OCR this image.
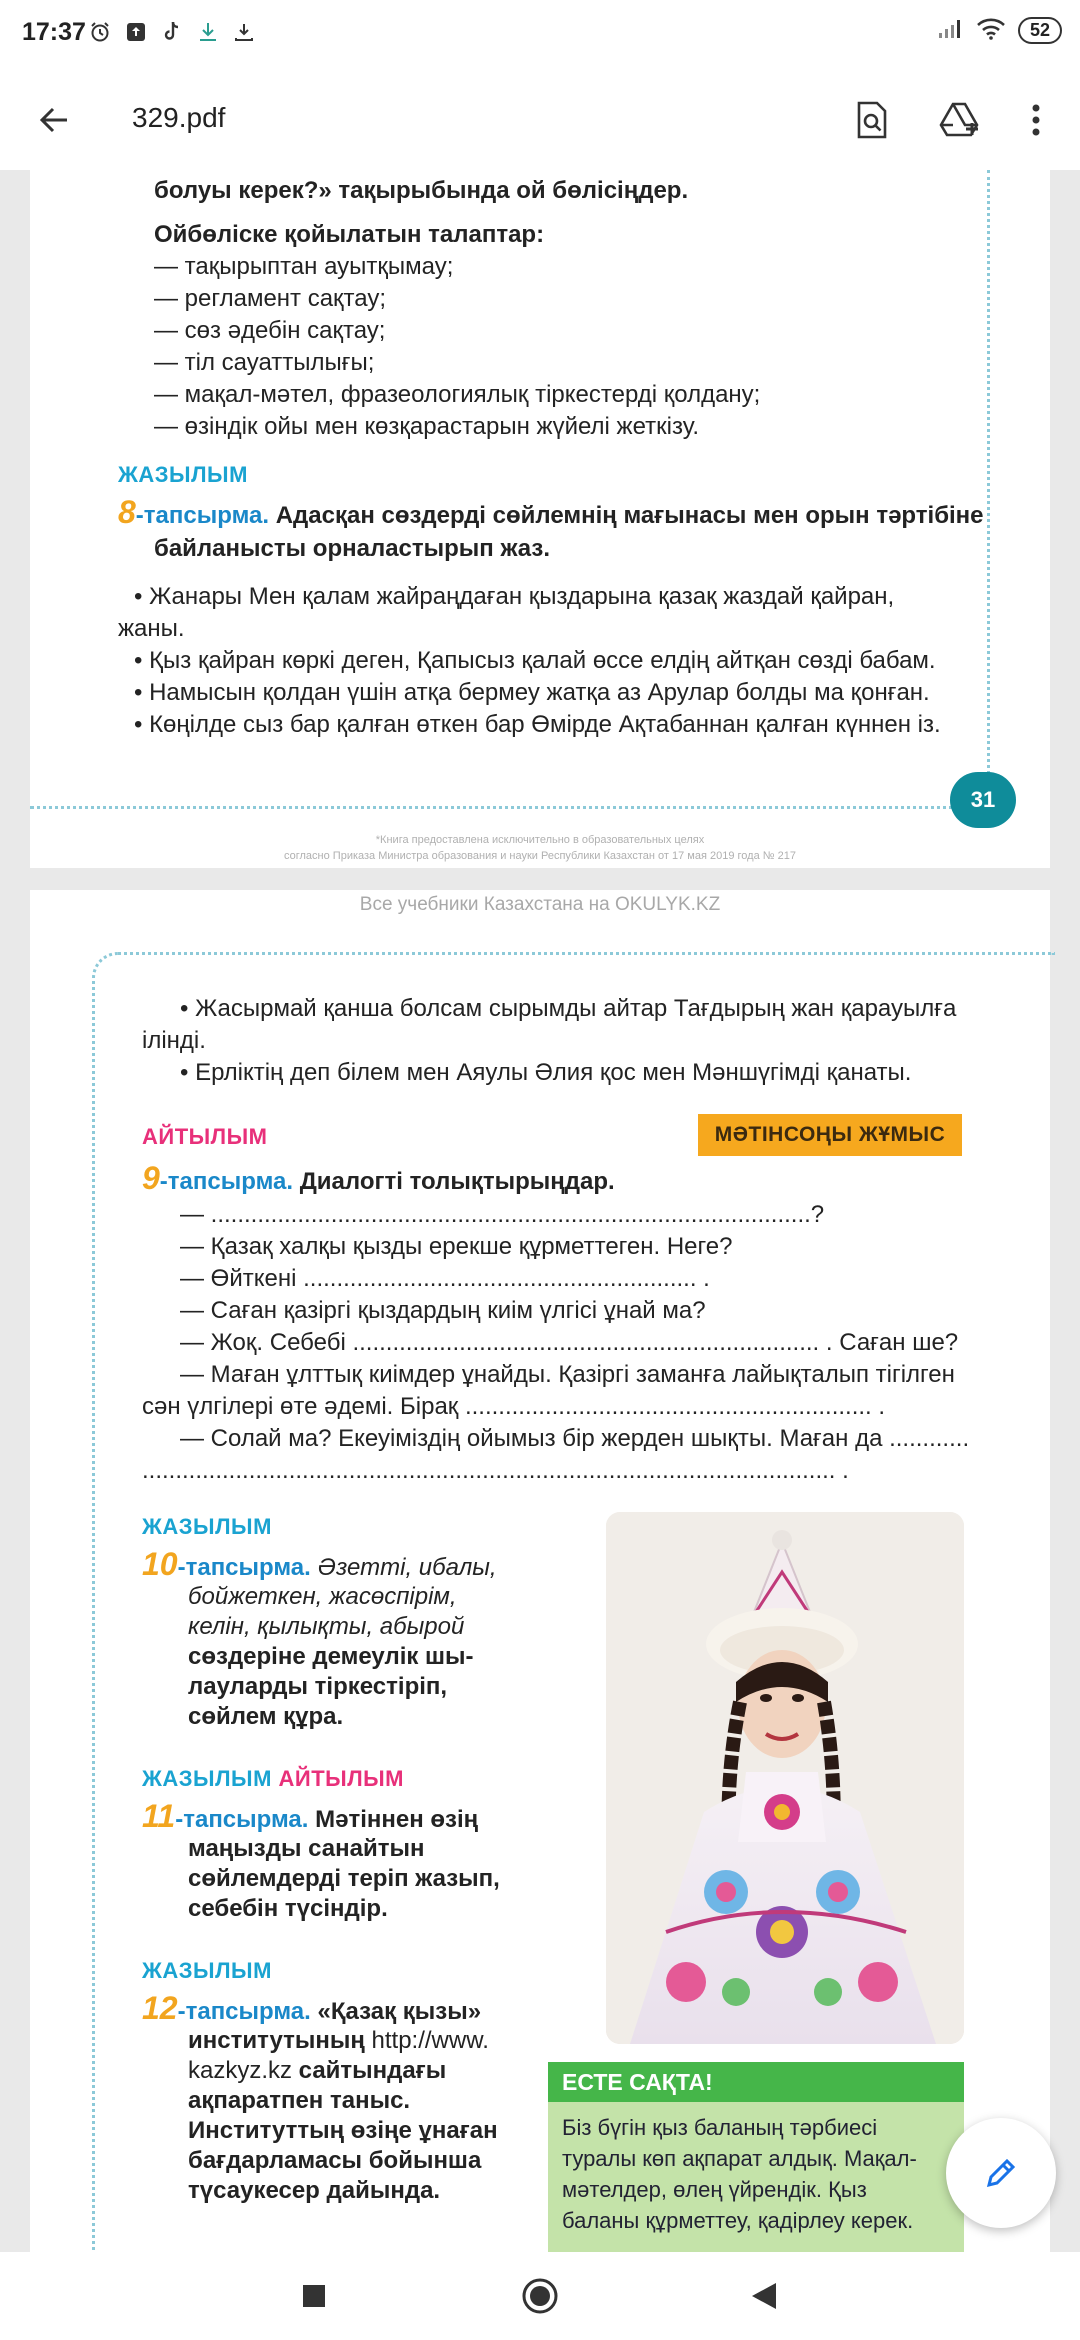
17:37	52
329.pdf
болуы керек?» тақырыбында ой бөлісіңдер.
Ойбөліске қойылатын талаптар:
— тақырыптан ауытқымау;
— регламент сақтау;
— сөз әдебін сақтау;
— тіл сауаттылығы;
— мақал-мәтел, фразеологиялық тіркестерді қолдану;
— өзіндік ойы мен көзқарастарын жүйелі жеткізу.
ЖАЗЫЛЫМ
8-тапсырма. Адасқан сөздерді сөйлемнің мағынасы мен орын тәртібіне
байланысты орналастырып жаз.
• Жанары Мен қалам жайраңдаған қыздарына қазақ жаздай қайран,
жаны.
• Қыз қайран көркі деген, Қапысыз қалай өссе елдің айтқан сөзді бабам.
• Намысын қолдан үшін атқа бермеу жатқа аз Арулар болды ма қонған.
• Көңілде сыз бар қалған өткен бар Өмірде Ақтабаннан қалған күннен із.
31
*Книга предоставлена исключительно в образовательных целях
согласно Приказа Министра образования и науки Республики Казахстан от 17 мая 2019 года № 217
Все учебники Казахстана на OKULYK.KZ
• Жасырмай қанша болсам сырымды айтар Тағдырың жан қарауылға
ілінді.
• Ерліктің деп білем мен Аяулы Әлия қос мен Мәншүгімді қанаты.
АЙТЫЛЫМ	МӘТІНСОҢЫ ЖҰМЫС
9-тапсырма. Диалогті толықтырыңдар.
— ..........................................................................................?
— Қазақ халқы қызды ерекше құрметтеген. Неге?
— Өйткені ........................................................... .
— Саған қазіргі қыздардың киім үлгісі ұнай ма?
— Жоқ. Себебі ...................................................................... . Саған ше?
— Маған ұлттық киімдер ұнайды. Қазіргі заманға лайықталып тігілген
сән үлгілері өте әдемі. Бірақ ............................................................. .
— Солай ма? Екеуіміздің ойымыз бір жерден шықты. Маған да ............
........................................................................................................ .
ЖАЗЫЛЫМ
10-тапсырма. Әзетті, ибалы,
бойжеткен, жасөспірім,
келін, қылықты, абырой
сөздеріне демеулік шы-
лауларды тіркестіріп,
сөйлем құра.
ЖАЗЫЛЫМ АЙТЫЛЫМ
11-тапсырма. Мәтіннен өзің
маңызды санайтын
сөйлемдерді теріп жазып,
себебін түсіндір.
ЖАЗЫЛЫМ
12-тапсырма. «Қазақ қызы»
институтының http://www.
kazkyz.kz сайтындағы
ақпаратпен таныс.
Институттың өзіңе ұнаған
бағдарламасы бойынша
түсаукесер дайында.
ЕСТЕ САҚТА!
Біз бүгін қыз баланың тәрбиесі туралы көп ақпарат алдық. Мақал-мәтелдер, өлең үйрендік. Қыз баланы құрметтеу, қадірлеу керек.
